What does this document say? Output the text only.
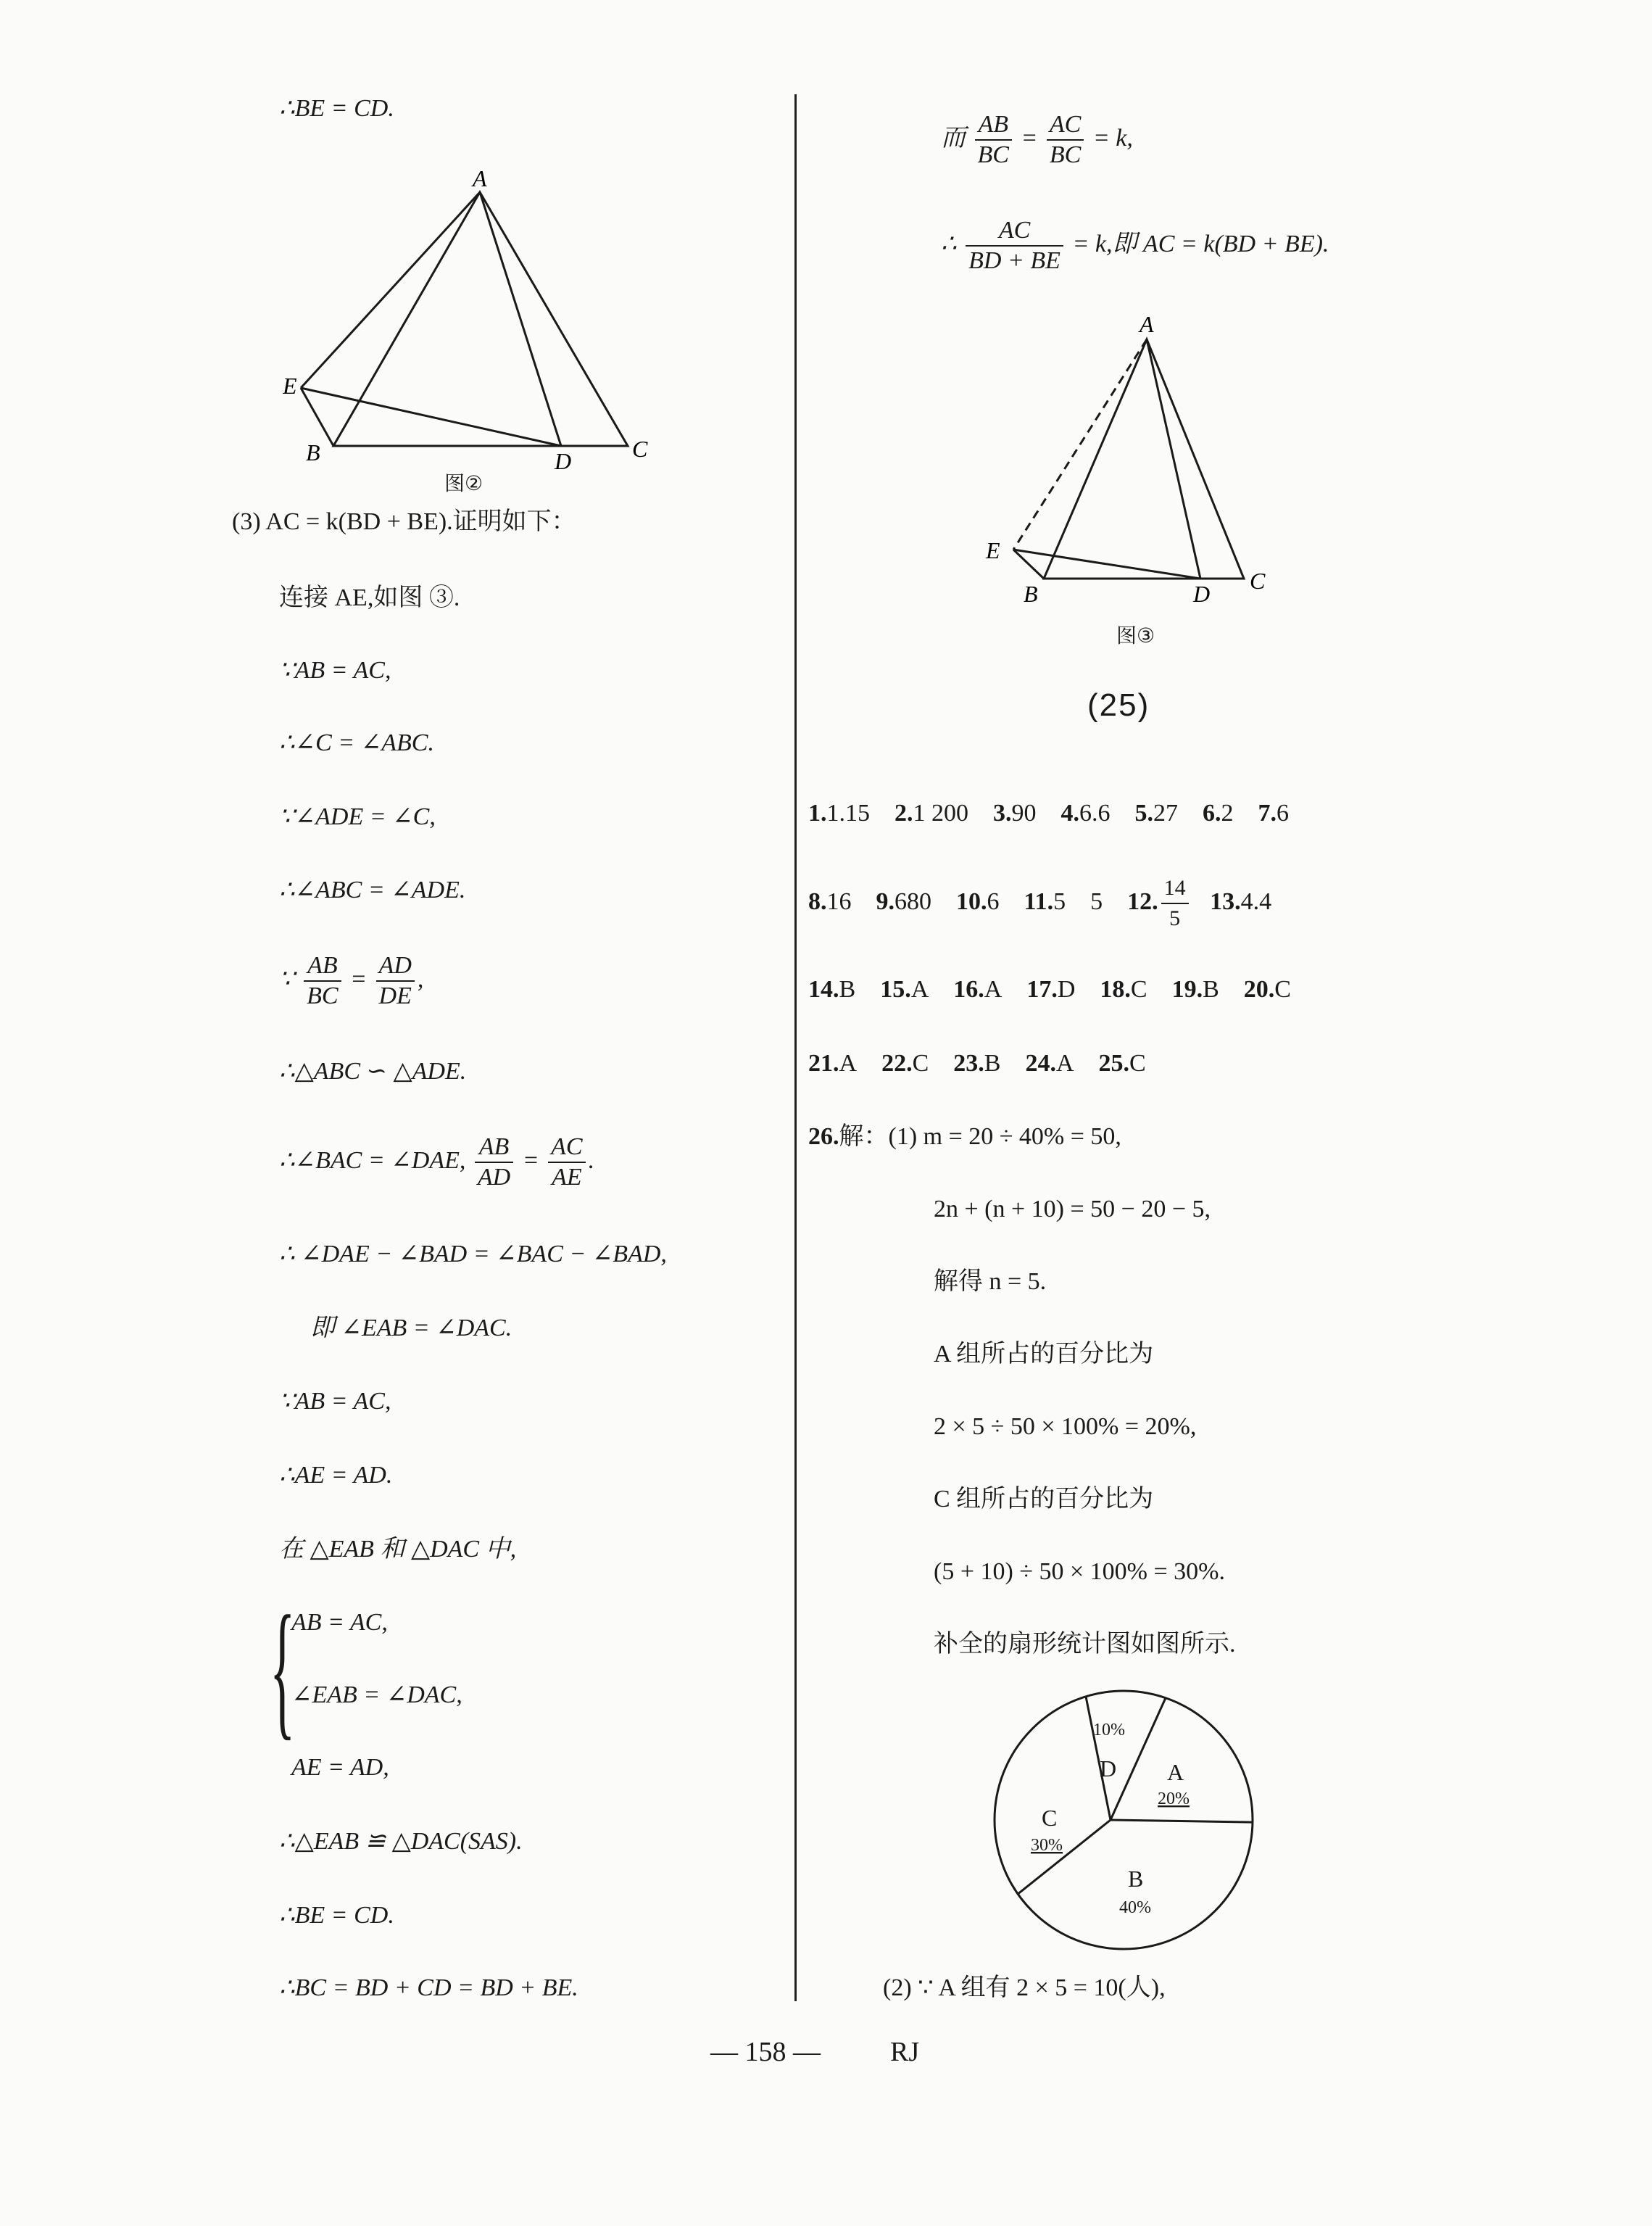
∴BE = CD.
A
E
B	D	C
图②
(3) AC = k(BD + BE).证明如下：
连接 AE,如图 ③.
∵AB = AC,
∴∠C = ∠ABC.
∵∠ADE = ∠C,
∴∠ABC = ∠ADE.
∵ $\frac{AB}{BC} = \frac{AD}{DE}$ ,
∴△ABC ∽ △ADE.
∴∠BAC = ∠DAE, $\frac{AB}{AD} = \frac{AC}{AE}$ .
∴ ∠DAE − ∠BAD = ∠BAC − ∠BAD,
即 ∠EAB = ∠DAC.
∵AB = AC,
∴AE = AD.
在 △EAB 和 △DAC 中,
{
AB = AC,
∠EAB = ∠DAC,
AE = AD,
∴△EAB ≌ △DAC(SAS).
∴BE = CD.
∴BC = BD + CD = BD + BE.
而 $\frac{AB}{BC} = \frac{AC}{BC} = k$,
∴ $\frac{AC}{BD + BE} = k$,即 AC = k(BD + BE).
A
E
B	D C
图③
(25)
1.1.15 2.1 200 3.90 4.6.6 5.27 6.2 7.6
8.16 9.680 10.6 11.5　5 12. $\frac{14}{5} 13.4.4$
14.B 15.A 16.A 17.D 18.C 19.B 20.C
21.A 22.C 23.B 24.A 25.C
26.解：(1) m = 20 ÷ 40% = 50,
2n + (n + 10) = 50 − 20 − 5,
解得 n = 5.
A 组所占的百分比为
2 × 5 ÷ 50 × 100% = 20%,
C 组所占的百分比为
(5 + 10) ÷ 50 × 100% = 30%.
补全的扇形统计图如图所示.
D
10%
A
20%
C
30%
B
40%
(2) ∵ A 组有 2 × 5 = 10(人),
— 158 —	RJ
